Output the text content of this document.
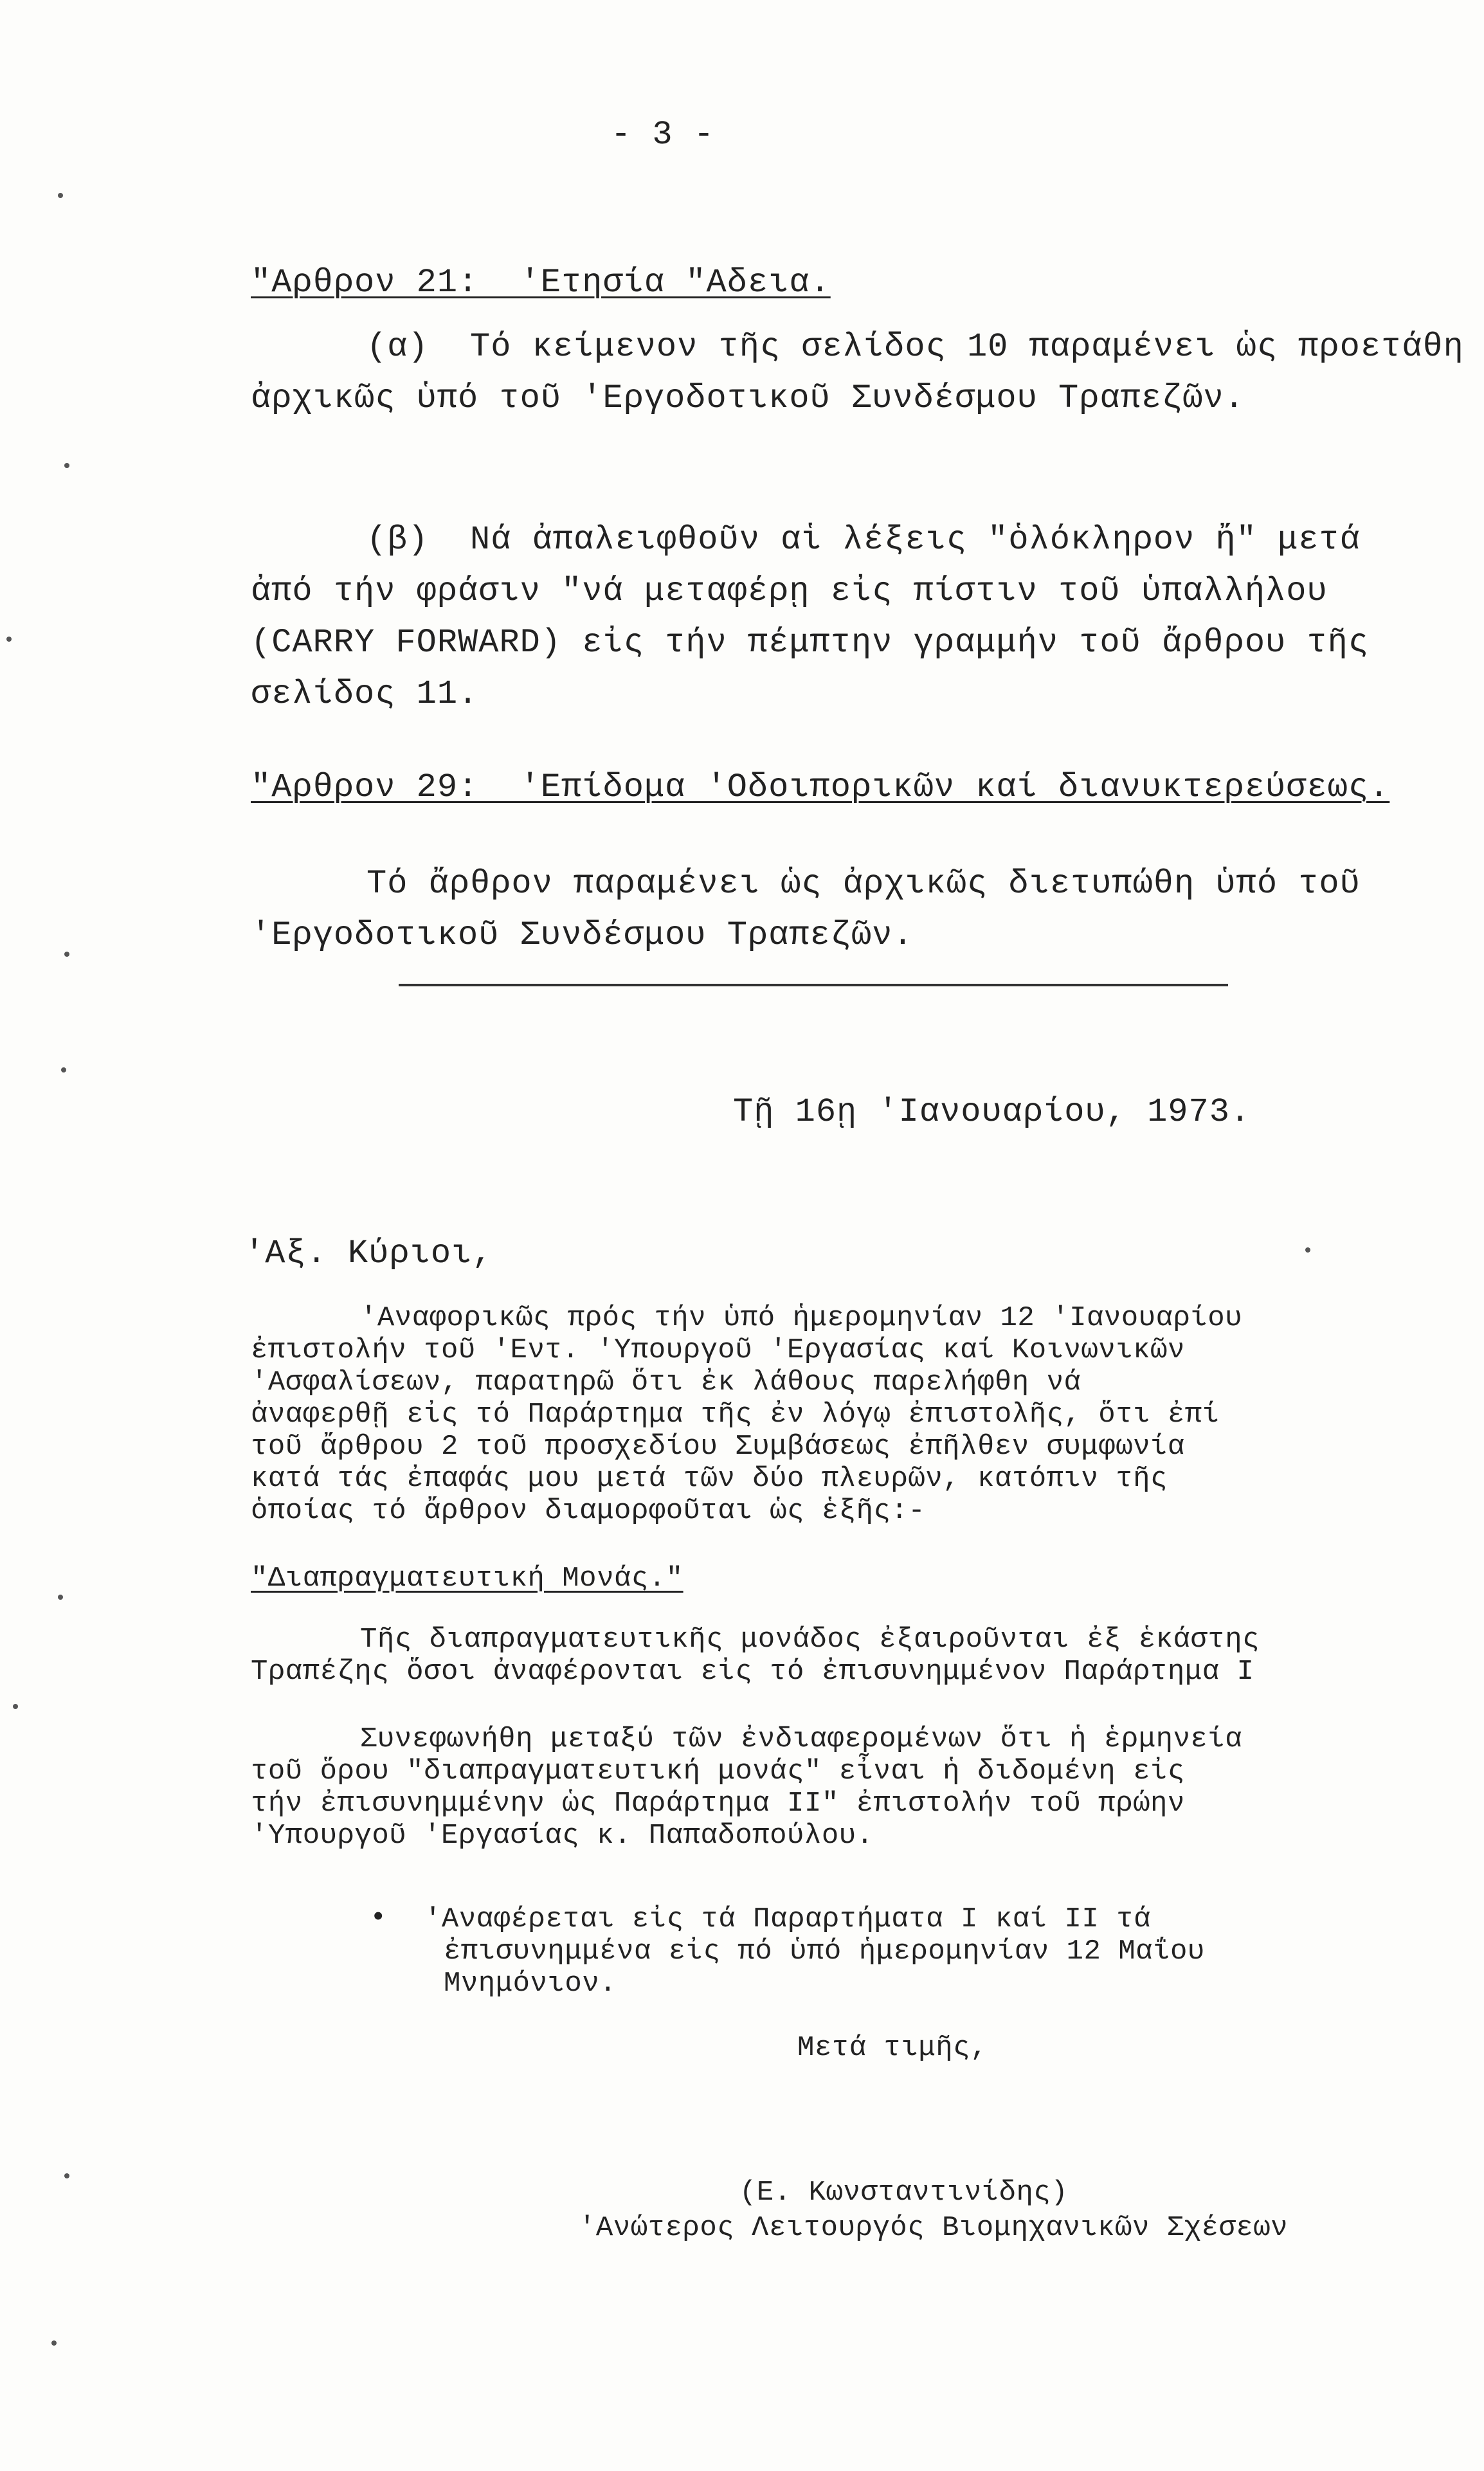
- 3 -
"Αρθρον 21:  'Ετησία "Αδεια.
(α)  Τό κείμενον τῆς σελίδος 10 παραμένει ὡς προετάθη
ἀρχικῶς ὑπό τοῦ 'Εργοδοτικοῦ Συνδέσμου Τραπεζῶν.
(β)  Νά ἀπαλειφθοῦν αἱ λέξεις "ὁλόκληρον ἤ" μετά
ἀπό τήν φράσιν "νά μεταφέρῃ εἰς πίστιν τοῦ ὑπαλλήλου
(CARRY FORWARD) εἰς τήν πέμπτην γραμμήν τοῦ ἄρθρου τῆς
σελίδος 11.
"Αρθρον 29:  'Επίδομα 'Οδοιπορικῶν καί διανυκτερεύσεως.
Τό ἄρθρον παραμένει ὡς ἀρχικῶς διετυπώθη ὑπό τοῦ
'Εργοδοτικοῦ Συνδέσμου Τραπεζῶν.
Τῇ 16ῃ 'Ιανουαρίου, 1973.
'Αξ. Κύριοι,
'Αναφορικῶς πρός τήν ὑπό ἡμερομηνίαν 12 'Ιανουαρίου
ἐπιστολήν τοῦ 'Εντ. 'Υπουργοῦ 'Εργασίας καί Κοινωνικῶν
'Ασφαλίσεων, παρατηρῶ ὅτι ἐκ λάθους παρελήφθη νά
ἀναφερθῇ εἰς τό Παράρτημα τῆς ἐν λόγῳ ἐπιστολῆς, ὅτι ἐπί
τοῦ ἄρθρου 2 τοῦ προσχεδίου Συμβάσεως ἐπῆλθεν συμφωνία
κατά τάς ἐπαφάς μου μετά τῶν δύο πλευρῶν, κατόπιν τῆς
ὁποίας τό ἄρθρον διαμορφοῦται ὡς ἑξῆς:-
"Διαπραγματευτική Μονάς."
Τῆς διαπραγματευτικῆς μονάδος ἐξαιροῦνται ἐξ ἑκάστης
Τραπέζης ὅσοι ἀναφέρονται εἰς τό ἐπισυνημμένον Παράρτημα Ι
Συνεφωνήθη μεταξύ τῶν ἐνδιαφερομένων ὅτι ἡ ἑρμηνεία
τοῦ ὅρου "διαπραγματευτική μονάς" εἶναι ἡ διδομένη εἰς
τήν ἐπισυνημμένην ὡς Παράρτημα ΙΙ" ἐπιστολήν τοῦ πρώην
'Υπουργοῦ 'Εργασίας κ. Παπαδοπούλου.
• 'Αναφέρεται εἰς τά Παραρτήματα Ι καί ΙΙ τά
ἐπισυνημμένα εἰς πό ὑπό ἡμερομηνίαν 12 Μαΐου
Μνημόνιον.
Μετά τιμῆς,
(Ε. Κωνσταντινίδης)
'Ανώτερος Λειτουργός Βιομηχανικῶν Σχέσεων
